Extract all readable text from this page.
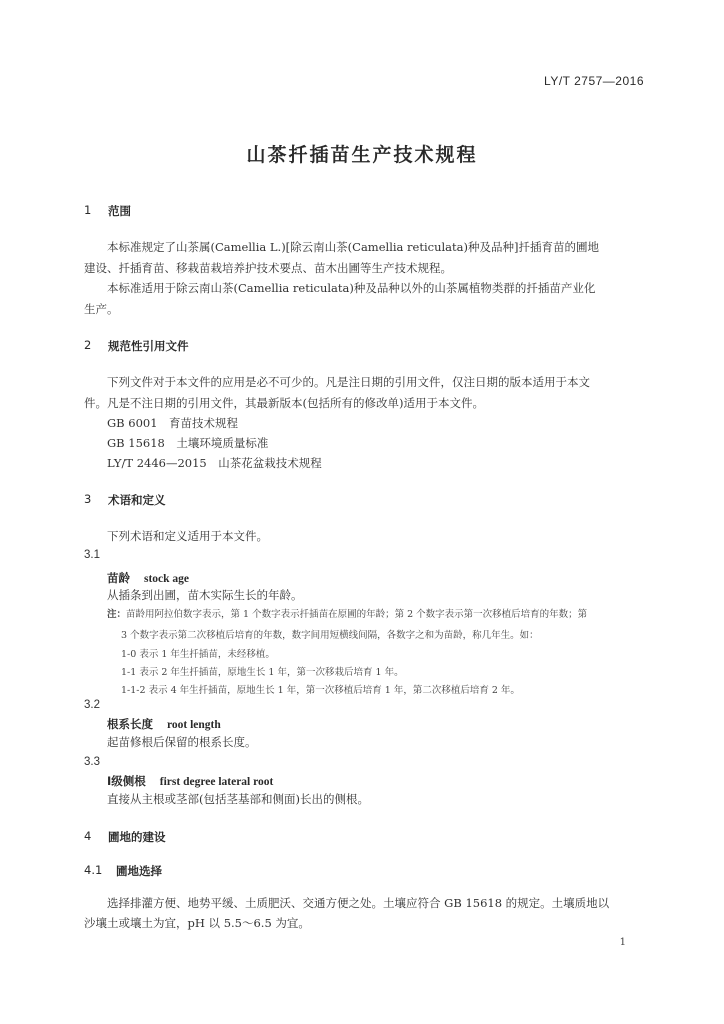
LY/T 2757—2016
山茶扦插苗生产技术规程
1 范围
本标准规定了山茶属(Camellia L.)[除云南山茶(Camellia reticulata)种及品种]扦插育苗的圃地
建设、扦插育苗、移栽苗栽培养护技术要点、苗木出圃等生产技术规程。
本标准适用于除云南山茶(Camellia reticulata)种及品种以外的山茶属植物类群的扦插苗产业化
生产。
2 规范性引用文件
下列文件对于本文件的应用是必不可少的。凡是注日期的引用文件，仅注日期的版本适用于本文
件。凡是不注日期的引用文件，其最新版本(包括所有的修改单)适用于本文件。
GB 6001　育苗技术规程
GB 15618　土壤环境质量标准
LY/T 2446—2015　山茶花盆栽技术规程
3 术语和定义
下列术语和定义适用于本文件。
3.1
苗龄 stock age
从插条到出圃，苗木实际生长的年龄。
注：苗龄用阿拉伯数字表示，第 1 个数字表示扦插苗在原圃的年龄；第 2 个数字表示第一次移植后培育的年数；第
3 个数字表示第二次移植后培育的年数，数字间用短横线间隔，各数字之和为苗龄，称几年生。如：
1-0 表示 1 年生扦插苗，未经移植。
1-1 表示 2 年生扦插苗，原地生长 1 年，第一次移栽后培育 1 年。
1-1-2 表示 4 年生扦插苗，原地生长 1 年，第一次移植后培育 1 年，第二次移植后培育 2 年。
3.2
根系长度 root length
起苗修根后保留的根系长度。
3.3
Ⅰ级侧根 first degree lateral root
直接从主根或茎部(包括茎基部和侧面)长出的侧根。
4 圃地的建设
4.1 圃地选择
选择排灌方便、地势平缓、土质肥沃、交通方便之处。土壤应符合 GB 15618 的规定。土壤质地以
沙壤土或壤土为宜，pH 以 5.5～6.5 为宜。
1
